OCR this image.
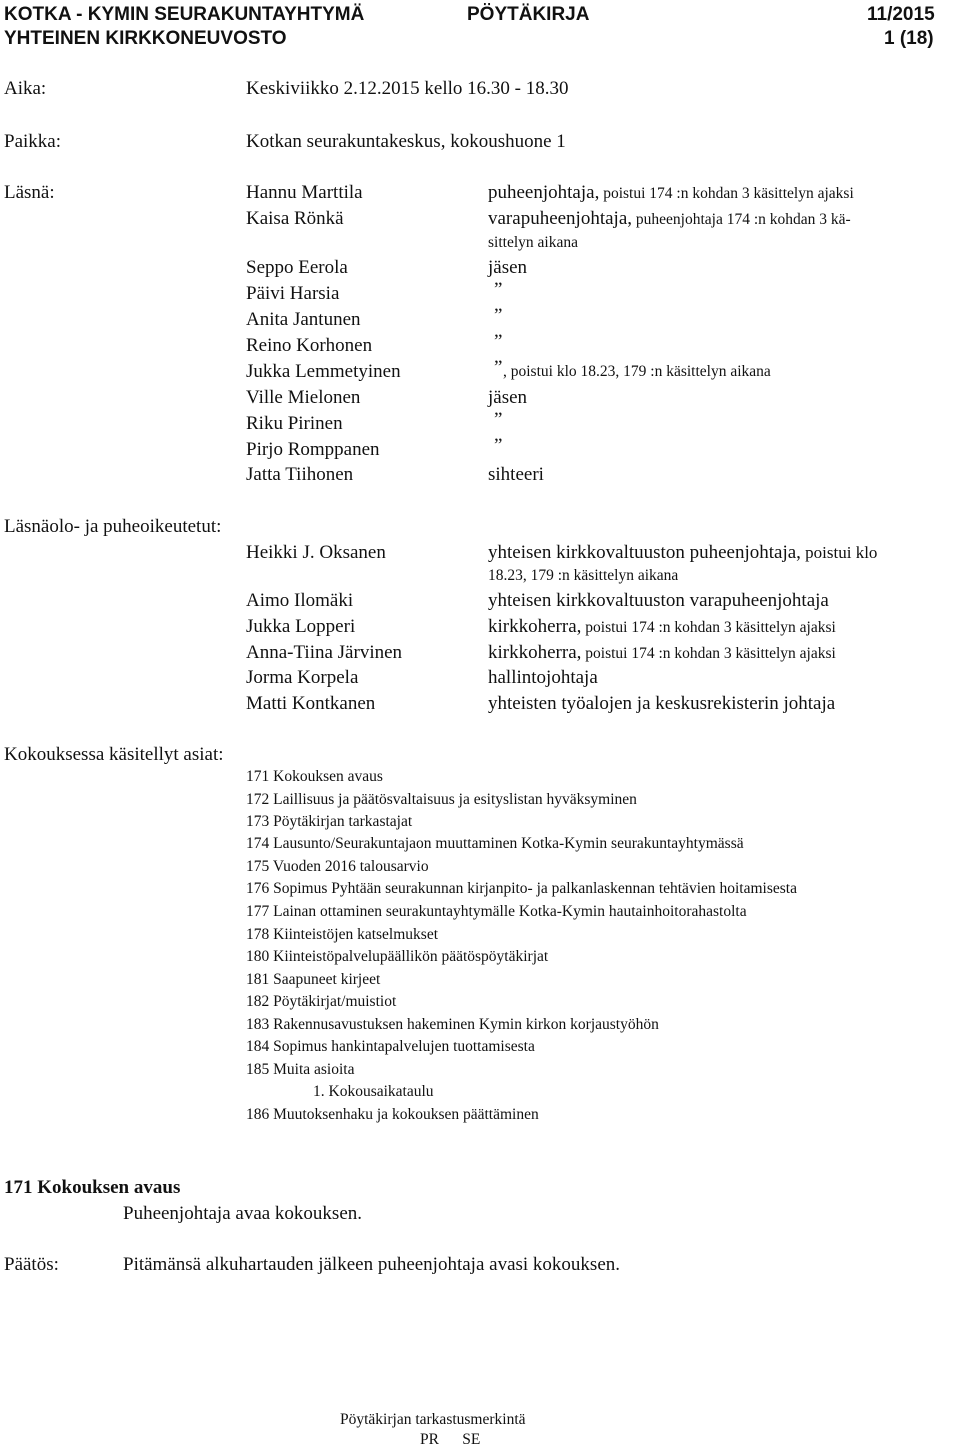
KOTKA - KYMIN SEURAKUNTAYHTYMÄ
YHTEINEN KIRKKONEUVOSTO
PÖYTÄKIRJA	11/2015
1 (18)
Aika:	Keskiviikko 2.12.2015 kello 16.30 - 18.30
Paikka:	Kotkan seurakuntakeskus, kokoushuone 1
Läsnä:	Hannu Marttila	puheenjohtaja, poistui 174 :n kohdan 3 käsittelyn ajaksi
Kaisa Rönkä	varapuheenjohtaja, puheenjohtaja 174 :n kohdan 3 kä-
sittelyn aikana
Seppo Eerola	jäsen
Päivi Harsia	”
Anita Jantunen	”
Reino Korhonen	”
Jukka Lemmetyinen	” , poistui klo 18.23, 179 :n käsittelyn aikana
Ville Mielonen	jäsen
Riku Pirinen	”
Pirjo Romppanen	”
Jatta Tiihonen	sihteeri
Läsnäolo- ja puheoikeutetut:
Heikki J. Oksanen	yhteisen kirkkovaltuuston puheenjohtaja, poistui klo
18.23, 179 :n käsittelyn aikana
Aimo Ilomäki	yhteisen kirkkovaltuuston varapuheenjohtaja
Jukka Lopperi	kirkkoherra, poistui 174 :n kohdan 3 käsittelyn ajaksi
Anna-Tiina Järvinen	kirkkoherra, poistui 174 :n kohdan 3 käsittelyn ajaksi
Jorma Korpela	hallintojohtaja
Matti Kontkanen	yhteisten työalojen ja keskusrekisterin johtaja
Kokouksessa käsitellyt asiat:
171 Kokouksen avaus
172 Laillisuus ja päätösvaltaisuus ja esityslistan hyväksyminen
173 Pöytäkirjan tarkastajat
174 Lausunto/Seurakuntajaon muuttaminen Kotka-Kymin seurakuntayhtymässä
175 Vuoden 2016 talousarvio
176 Sopimus Pyhtään seurakunnan kirjanpito- ja palkanlaskennan tehtävien hoitamisesta
177 Lainan ottaminen seurakuntayhtymälle Kotka-Kymin hautainhoitorahastolta
178 Kiinteistöjen katselmukset
180 Kiinteistöpalvelupäällikön päätöspöytäkirjat
181 Saapuneet kirjeet
182 Pöytäkirjat/muistiot
183 Rakennusavustuksen hakeminen Kymin kirkon korjaustyöhön
184 Sopimus hankintapalvelujen tuottamisesta
185 Muita asioita
1. Kokousaikataulu
186 Muutoksenhaku ja kokouksen päättäminen
171 Kokouksen avaus
Puheenjohtaja avaa kokouksen.
Päätös:	Pitämänsä alkuhartauden jälkeen puheenjohtaja avasi kokouksen.
Pöytäkirjan tarkastusmerkintä
PR      SE
